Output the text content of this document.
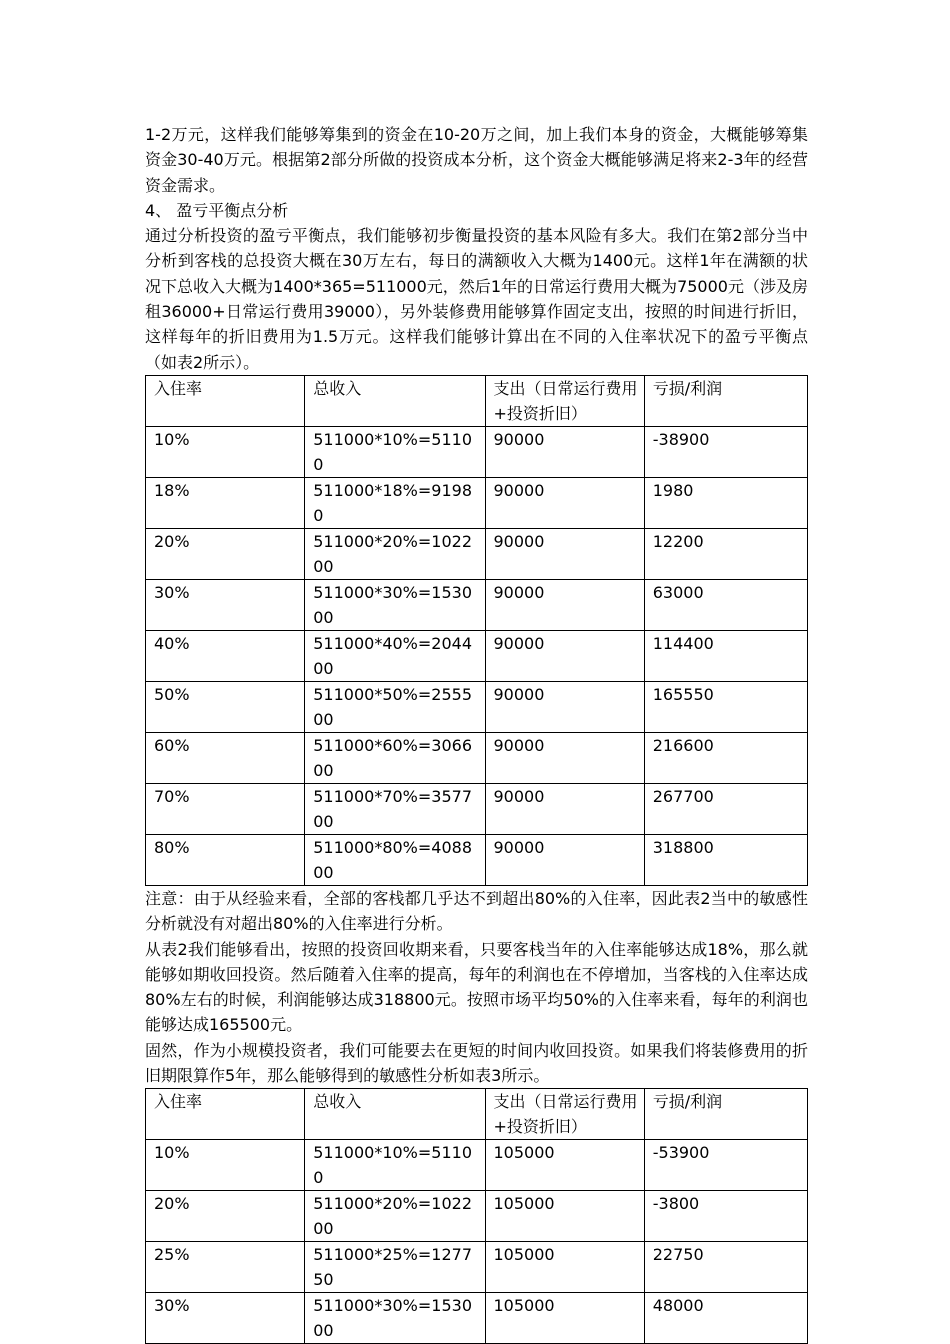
1-2万元，这样我们能够筹集到的资金在10-20万之间，加上我们本身的资金，大概能够筹集资金30-40万元。根据第2部分所做的投资成本分析，这个资金大概能够满足将来2-3年的经营资金需求。

4、 盈亏平衡点分析

通过分析投资的盈亏平衡点，我们能够初步衡量投资的基本风险有多大。我们在第2部分当中分析到客栈的总投资大概在30万左右，每日的满额收入大概为1400元。这样1年在满额的状况下总收入大概为1400*365=511000元，然后1年的日常运行费用大概为75000元（涉及房租36000+日常运行费用39000），另外装修费用能够算作固定支出，按照的时间进行折旧，这样每年的折旧费用为1.5万元。这样我们能够计算出在不同的入住率状况下的盈亏平衡点（如表2所示）。

入住率	总收入	支出（日常运行费用+投资折旧）	亏损/利润
10%	511000*10%=51100	90000	-38900
18%	511000*18%=91980	90000	1980
20%	511000*20%=102200	90000	12200
30%	511000*30%=153000	90000	63000
40%	511000*40%=204400	90000	114400
50%	511000*50%=255500	90000	165550
60%	511000*60%=306600	90000	216600
70%	511000*70%=357700	90000	267700
80%	511000*80%=408800	90000	318800

注意：由于从经验来看，全部的客栈都几乎达不到超出80%的入住率，因此表2当中的敏感性分析就没有对超出80%的入住率进行分析。

从表2我们能够看出，按照的投资回收期来看，只要客栈当年的入住率能够达成18%，那么就能够如期收回投资。然后随着入住率的提高，每年的利润也在不停增加，当客栈的入住率达成80%左右的时候，利润能够达成318800元。按照市场平均50%的入住率来看，每年的利润也能够达成165500元。

固然，作为小规模投资者，我们可能要去在更短的时间内收回投资。如果我们将装修费用的折旧期限算作5年，那么能够得到的敏感性分析如表3所示。

入住率	总收入	支出（日常运行费用+投资折旧）	亏损/利润
10%	511000*10%=51100	105000	-53900
20%	511000*20%=102200	105000	-3800
25%	511000*25%=127750	105000	22750
30%	511000*30%=153000	105000	48000
